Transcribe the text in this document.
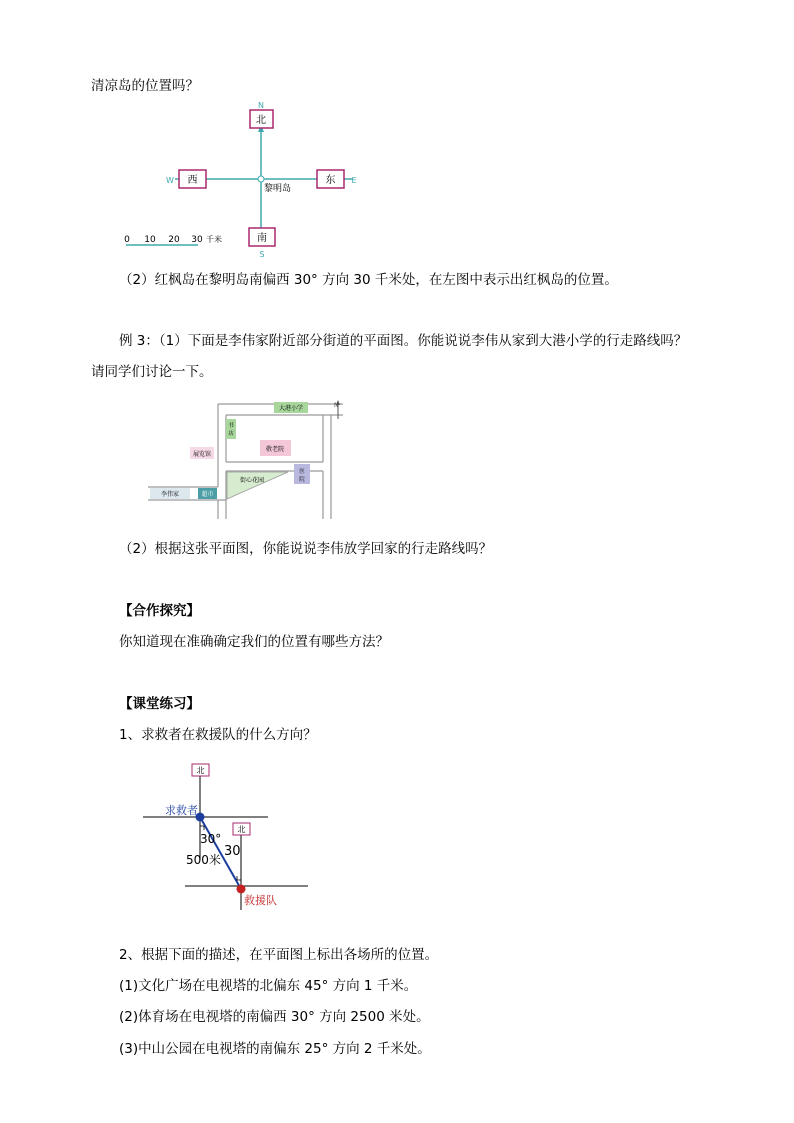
清凉岛的位置吗？
北
N
西
W	东 E
南
S
黎明岛
0 10 20 30 千米
（2）红枫岛在黎明岛南偏西 30° 方向 30 千米处，在左图中表示出红枫岛的位置。
例 3：（1）下面是李伟家附近部分街道的平面图。你能说说李伟从家到大港小学的行走路线吗？
请同学们讨论一下。
N
大港小学
书
店
敬老院
展览馆
街心花园
医
院
李伟家	超市
（2）根据这张平面图，你能说说李伟放学回家的行走路线吗？
【合作探究】
你知道现在准确确定我们的位置有哪些方法？
【课堂练习】
1、求救者在救援队的什么方向？
北
北
求救者
30°
500米
30
救援队
2、根据下面的描述，在平面图上标出各场所的位置。
(1)文化广场在电视塔的北偏东 45° 方向 1 千米。
(2)体育场在电视塔的南偏西 30° 方向 2500 米处。
(3)中山公园在电视塔的南偏东 25° 方向 2 千米处。
